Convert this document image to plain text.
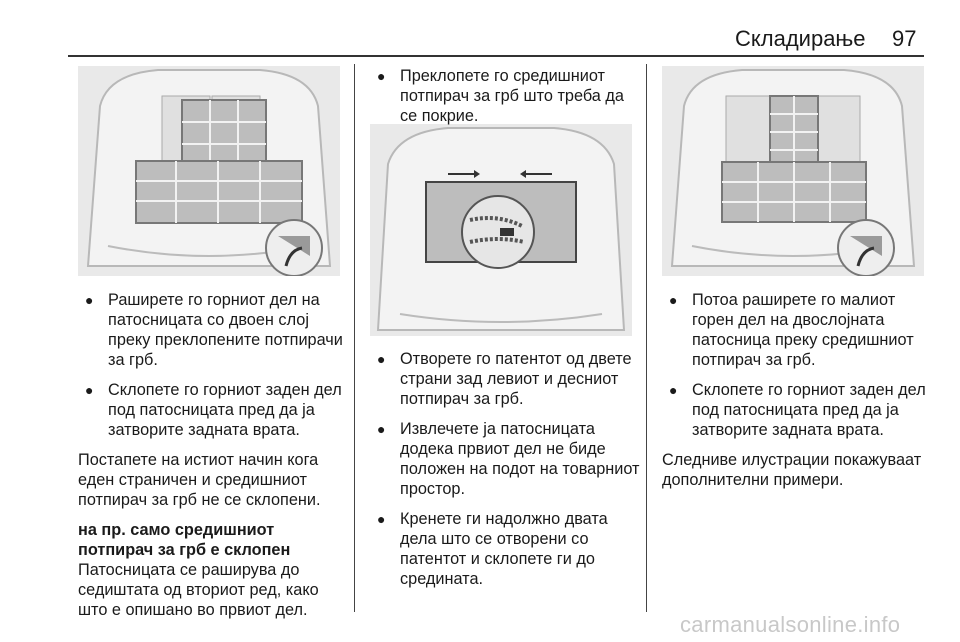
Складирање 97
● Раширете го горниот дел на патосницата со двоен слој преку преклопените потпирачи за грб.
● Склопете го горниот заден дел под патосницата пред да ја затворите задната врата.
Постапете на истиот начин кога еден страничен и средишниот потпирач за грб не се склопени.
на пр. само средишниот потпирач за грб е склопен
Патосницата се раширува до седиштата од вториот ред, како што е опишано во првиот дел.
● Преклопете го средишниот потпирач за грб што треба да се покрие.
● Отворете го патентот од двете страни зад левиот и десниот потпирач за грб.
● Извлечете ја патосницата додека првиот дел не биде положен на подот на товарниот простор.
● Кренете ги надолжно двата дела што се отворени со патентот и склопете ги до средината.
● Потоа раширете го малиот горен дел на двослојната патосница преку средишниот потпирач за грб.
● Склопете го горниот заден дел под патосницата пред да ја затворите задната врата.
Следниве илустрации покажуваат дополнителни примери.
carmanualsonline.info
